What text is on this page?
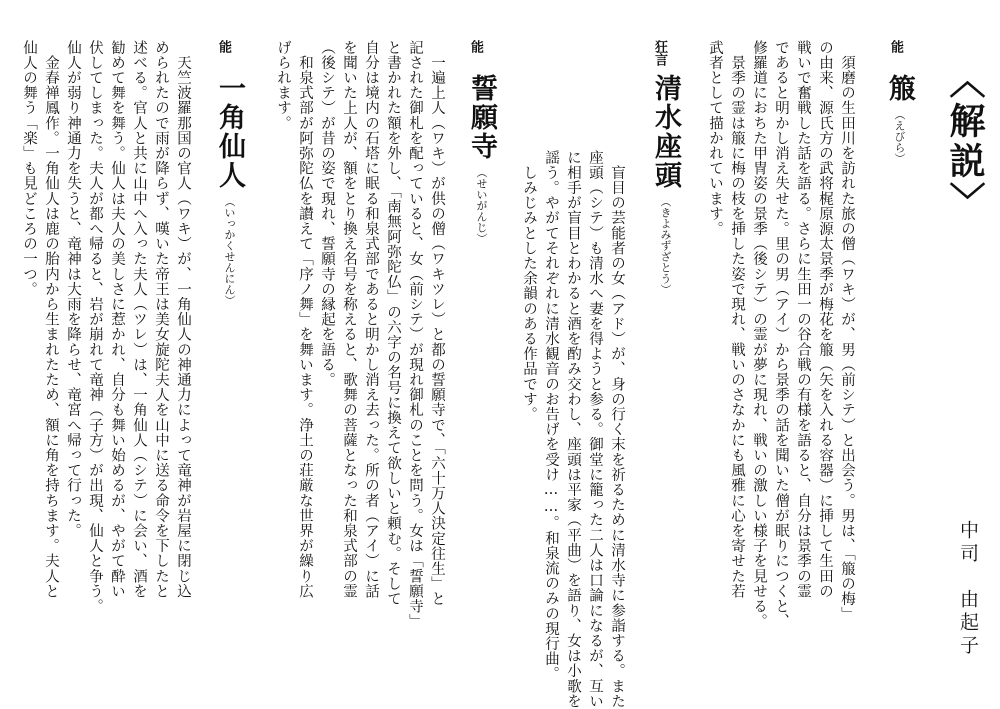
〈解説〉
中司　由起子
能
箙（えびら）
　須磨の生田川を訪れた旅の僧（ワキ）が、男（前シテ）と出会う。男は、「箙の梅」
の由来、源氏方の武将梶原源太景季が梅花を箙（矢を入れる容器）に挿して生田の
戦いで奮戦した話を語る。さらに生田一の谷合戦の有様を語ると、自分は景季の霊
であると明かし消え失せた。里の男（アイ）から景季の話を聞いた僧が眠りにつくと、
修羅道におちた甲冑姿の景季（後シテ）の霊が夢に現れ、戦いの激しい様子を見せる。
　景季の霊は箙に梅の枝を挿した姿で現れ、戦いのさなかにも風雅に心を寄せた若
武者として描かれています。
狂言
清水座頭（きよみずざとう）
　盲目の芸能者の女（アド）が、身の行く末を祈るために清水寺に参詣する。また
座頭（シテ）も清水へ妻を得ようと参る。御堂に籠った二人は口論になるが、互い
に相手が盲目とわかると酒を酌み交わし、座頭は平家（平曲）を語り、女は小歌を
謡う。やがてそれぞれに清水観音のお告げを受け……。和泉流のみの現行曲。
　しみじみとした余韻のある作品です。
能
誓願寺（せいがんじ）
　一遍上人（ワキ）が供の僧（ワキツレ）と都の誓願寺で、「六十万人決定往生」と
記された御札を配っていると、女（前シテ）が現れ御札のことを問う。女は「誓願寺」
と書かれた額を外し、「南無阿弥陀仏」の六字の名号に換えて欲しいと頼む。そして
自分は境内の石塔に眠る和泉式部であると明かし消え去った。所の者（アイ）に話
を聞いた上人が、額をとり換え名号を称えると、歌舞の菩薩となった和泉式部の霊
（後シテ）が昔の姿で現れ、誓願寺の縁起を語る。
　和泉式部が阿弥陀仏を讃えて「序ノ舞」を舞います。浄土の荘厳な世界が繰り広
げられます。
能
一角仙人（いっかくせんにん）
　天竺波羅那国の官人（ワキ）が、一角仙人の神通力によって竜神が岩屋に閉じ込
められたので雨が降らず、嘆いた帝王は美女旋陀夫人を山中に送る命令を下したと
述べる。官人と共に山中へ入った夫人（ツレ）は、一角仙人（シテ）に会い、酒を
勧めて舞を舞う。仙人は夫人の美しさに惹かれ、自分も舞い始めるが、やがて酔い
伏してしまった。夫人が都へ帰ると、岩が崩れて竜神（子方）が出現、仙人と争う。
仙人が弱り神通力を失うと、竜神は大雨を降らせ、竜宮へ帰って行った。
　金春禅鳳作。一角仙人は鹿の胎内から生まれたため、額に角を持ちます。夫人と
仙人の舞う「楽」も見どころの一つ。
